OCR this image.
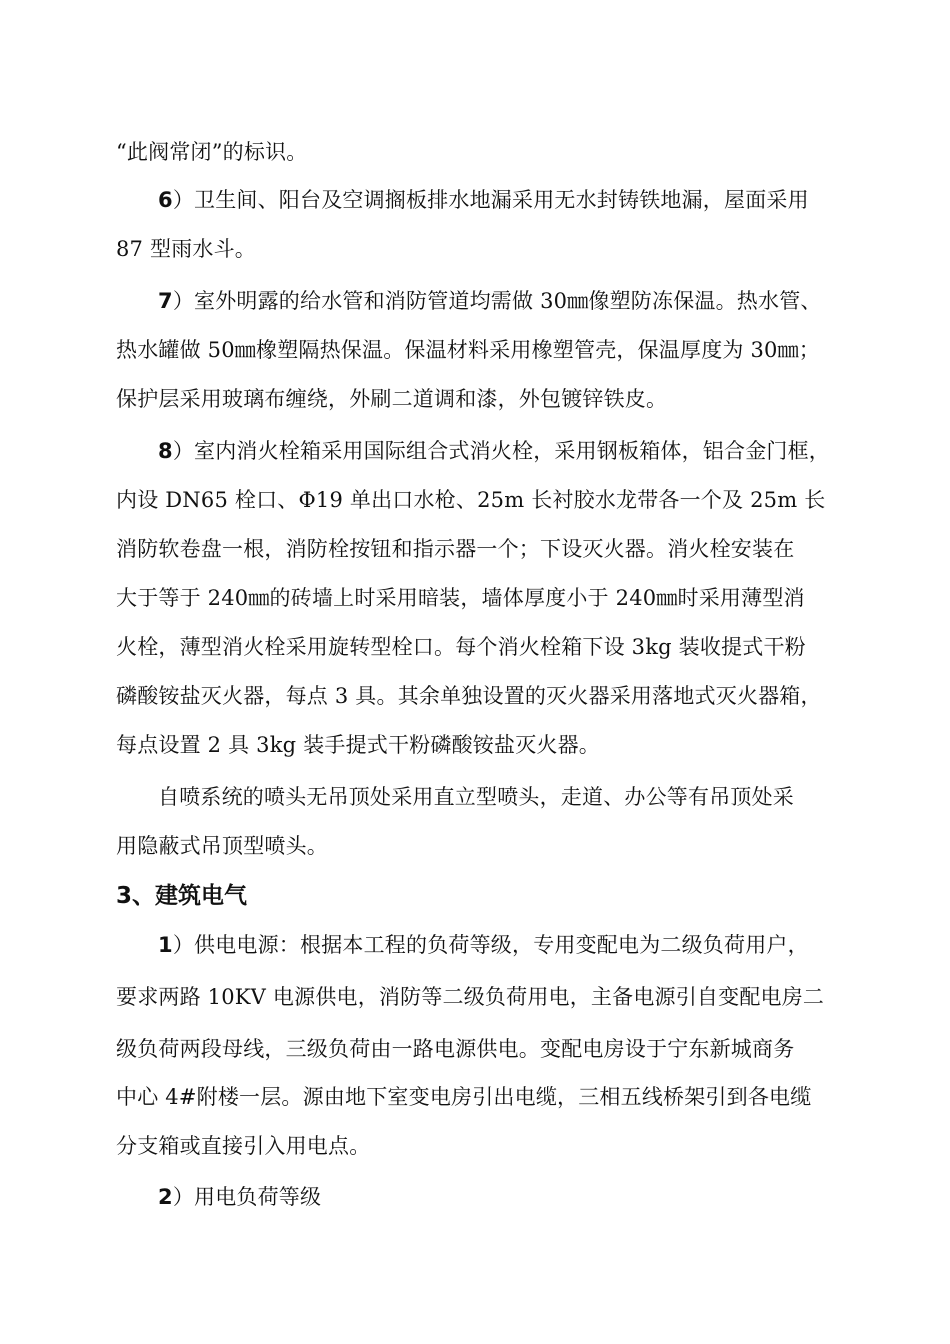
“此阀常闭”的标识。
6）卫生间、阳台及空调搁板排水地漏采用无水封铸铁地漏，屋面采用
87 型雨水斗。
7）室外明露的给水管和消防管道均需做 30㎜像塑防冻保温。热水管、
热水罐做 50㎜橡塑隔热保温。保温材料采用橡塑管壳，保温厚度为 30㎜；
保护层采用玻璃布缠绕，外刷二道调和漆，外包镀锌铁皮。
8）室内消火栓箱采用国际组合式消火栓，采用钢板箱体，铝合金门框，
内设 DN65 栓口、Φ19 单出口水枪、25m 长衬胶水龙带各一个及 25m 长
消防软卷盘一根，消防栓按钮和指示器一个；下设灭火器。消火栓安装在
大于等于 240㎜的砖墙上时采用暗装，墙体厚度小于 240㎜时采用薄型消
火栓，薄型消火栓采用旋转型栓口。每个消火栓箱下设 3kg 装收提式干粉
磷酸铵盐灭火器，每点 3 具。其余单独设置的灭火器采用落地式灭火器箱，
每点设置 2 具 3kg 装手提式干粉磷酸铵盐灭火器。
自喷系统的喷头无吊顶处采用直立型喷头，走道、办公等有吊顶处采
用隐蔽式吊顶型喷头。
3、建筑电气
1）供电电源：根据本工程的负荷等级，专用变配电为二级负荷用户，
要求两路 10KV 电源供电，消防等二级负荷用电，主备电源引自变配电房二
级负荷两段母线，三级负荷由一路电源供电。变配电房设于宁东新城商务
中心 4#附楼一层。源由地下室变电房引出电缆，三相五线桥架引到各电缆
分支箱或直接引入用电点。
2）用电负荷等级
